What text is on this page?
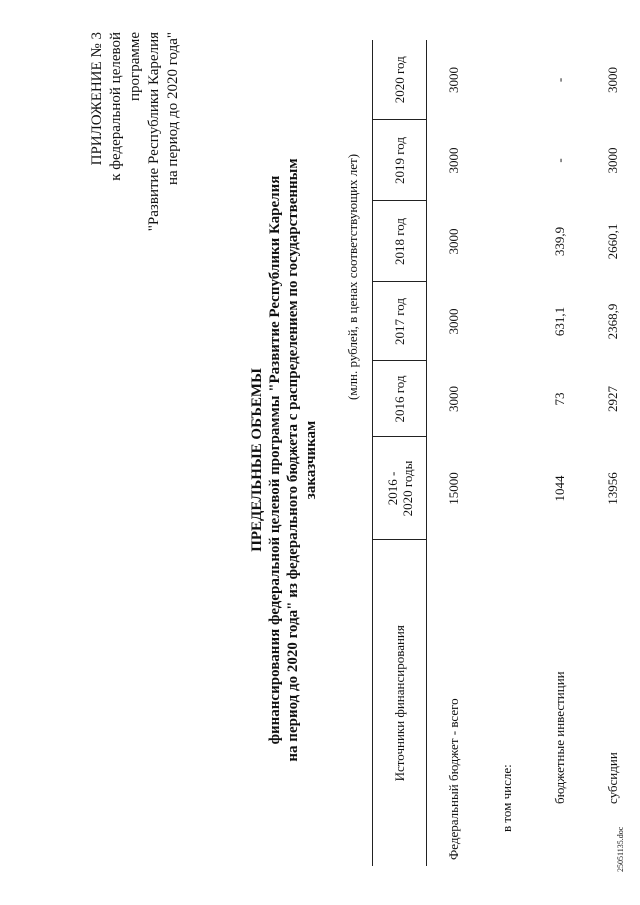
ПРИЛОЖЕНИЕ № 3 к федеральной целевой программе "Развитие Республики Карелия на период до 2020 года"
ПРЕДЕЛЬНЫЕ ОБЪЕМЫ финансирования федеральной целевой программы "Развитие Республики Карелия на период до 2020 года" из федерального бюджета с распределением по государственным заказчикам
(млн. рублей, в ценах соответствующих лет)
Источники финансирования	2016 - 2020 годы	2016 год	2017 год	2018 год	2019 год	2020 год
Федеральный бюджет - всего	15000	3000	3000	3000	3000	3000
в том числе:						
бюджетные инвестиции	1044	73	631,1	339,9	-	-
субсидии	13956	2927	2368,9	2660,1	3000	3000
25051135.doc
